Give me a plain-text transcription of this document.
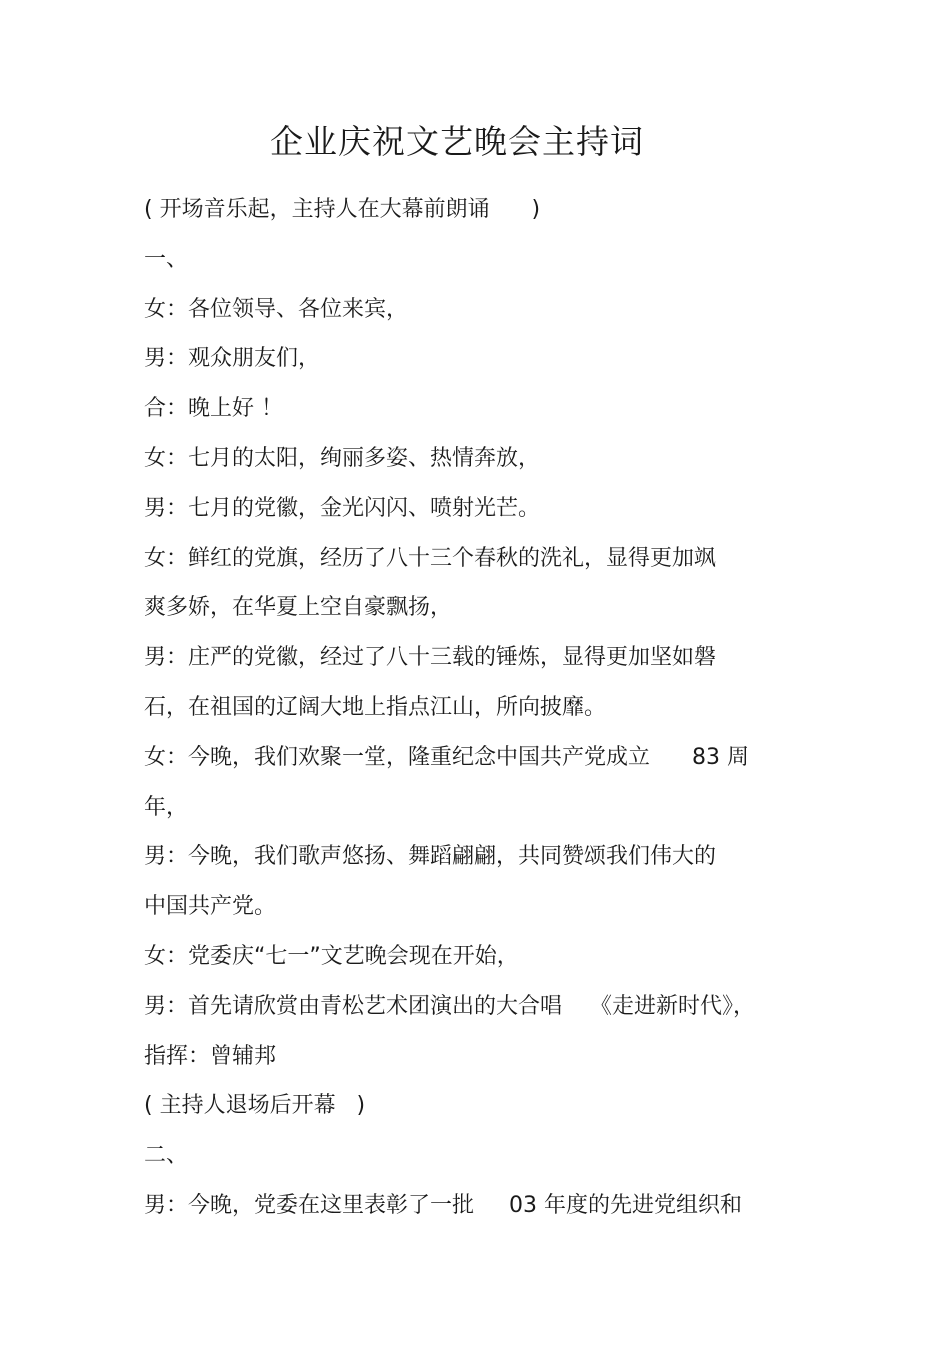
企业庆祝文艺晚会主持词
( 开场音乐起，主持人在大幕前朗诵      )
一、
女：各位领导、各位来宾，
男：观众朋友们，
合：晚上好 ！
女：七月的太阳，绚丽多姿、热情奔放，
男：七月的党徽，金光闪闪、喷射光芒。
女：鲜红的党旗，经历了八十三个春秋的洗礼，显得更加飒
爽多娇，在华夏上空自豪飘扬，
男：庄严的党徽，经过了八十三载的锤炼，显得更加坚如磐
石，在祖国的辽阔大地上指点江山，所向披靡。
女：今晚，我们欢聚一堂，隆重纪念中国共产党成立      83 周
年，
男：今晚，我们歌声悠扬、舞蹈翩翩，共同赞颂我们伟大的
中国共产党。
女：党委庆“七一”文艺晚会现在开始，
男：首先请欣赏由青松艺术团演出的大合唱    《走进新时代》，
指挥：曾辅邦
( 主持人退场后开幕   )
二、
男：今晚，党委在这里表彰了一批     03 年度的先进党组织和
